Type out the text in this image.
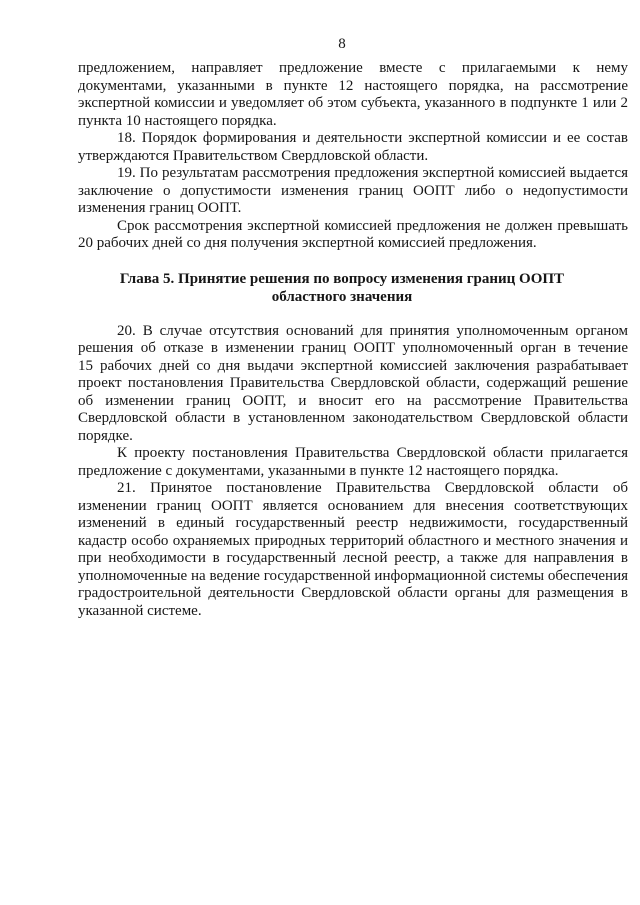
8

предложением, направляет предложение вместе с прилагаемыми к нему документами, указанными в пункте 12 настоящего порядка, на рассмотрение экспертной комиссии и уведомляет об этом субъекта, указанного в подпункте 1 или 2 пункта 10 настоящего порядка.

18. Порядок формирования и деятельности экспертной комиссии и ее состав утверждаются Правительством Свердловской области.

19. По результатам рассмотрения предложения экспертной комиссией выдается заключение о допустимости изменения границ ООПТ либо о недопустимости изменения границ ООПТ.

Срок рассмотрения экспертной комиссией предложения не должен превышать 20 рабочих дней со дня получения экспертной комиссией предложения.

Глава 5. Принятие решения по вопросу изменения границ ООПТ
областного значения

20. В случае отсутствия оснований для принятия уполномоченным органом решения об отказе в изменении границ ООПТ уполномоченный орган в течение 15 рабочих дней со дня выдачи экспертной комиссией заключения разрабатывает проект постановления Правительства Свердловской области, содержащий решение об изменении границ ООПТ, и вносит его на рассмотрение Правительства Свердловской области в установленном законодательством Свердловской области порядке.

К проекту постановления Правительства Свердловской области прилагается предложение с документами, указанными в пункте 12 настоящего порядка.

21. Принятое постановление Правительства Свердловской области об изменении границ ООПТ является основанием для внесения соответствующих изменений в единый государственный реестр недвижимости, государственный кадастр особо охраняемых природных территорий областного и местного значения и при необходимости в государственный лесной реестр, а также для направления в уполномоченные на ведение государственной информационной системы обеспечения градостроительной деятельности Свердловской области органы для размещения в указанной системе.
